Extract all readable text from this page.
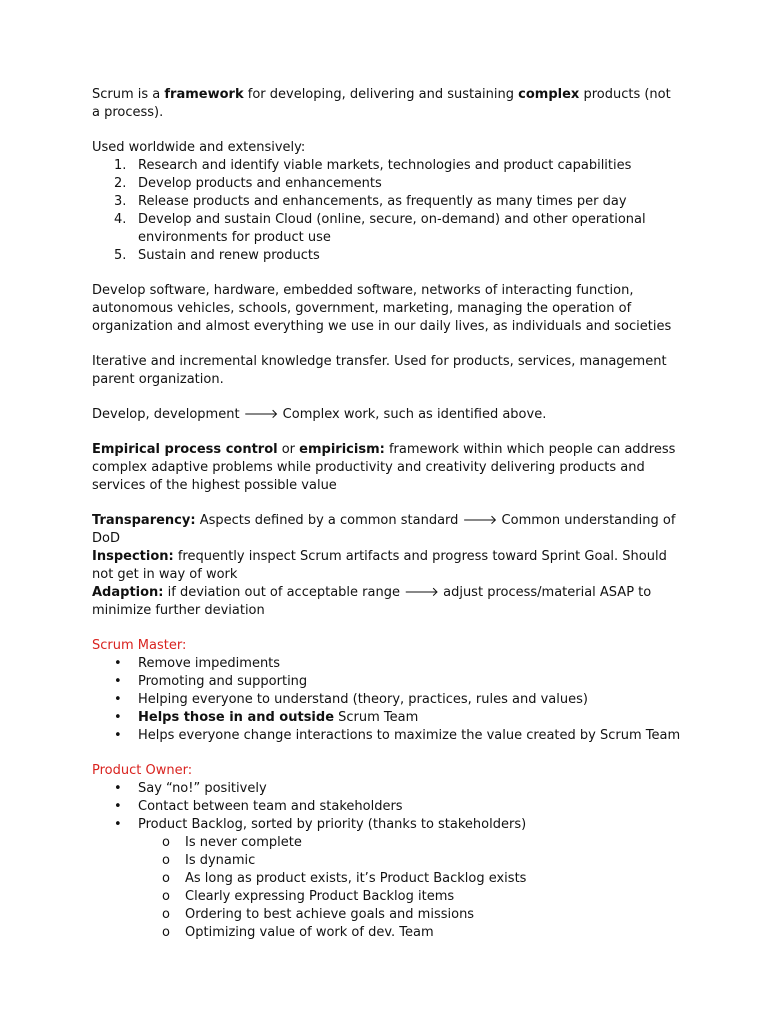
Scrum is a framework for developing, delivering and sustaining complex products (not a process).

Used worldwide and extensively:

1. Research and identify viable markets, technologies and product capabilities
2. Develop products and enhancements
3. Release products and enhancements, as frequently as many times per day
4. Develop and sustain Cloud (online, secure, on-demand) and other operational environments for product use
5. Sustain and renew products

Develop software, hardware, embedded software, networks of interacting function, autonomous vehicles, schools, government, marketing, managing the operation of organization and almost everything we use in our daily lives, as individuals and societies

Iterative and incremental knowledge transfer. Used for products, services, management parent organization.

Develop, development 🡒 Complex work, such as identified above.

Empirical process control or empiricism: framework within which people can address complex adaptive problems while productivity and creativity delivering products and services of the highest possible value

Transparency: Aspects defined by a common standard 🡒 Common understanding of DoD

Inspection: frequently inspect Scrum artifacts and progress toward Sprint Goal. Should not get in way of work

Adaption: if deviation out of acceptable range 🡒 adjust process/material ASAP to minimize further deviation

Scrum Master:

• Remove impediments
• Promoting and supporting
• Helping everyone to understand (theory, practices, rules and values)
• Helps those in and outside Scrum Team
• Helps everyone change interactions to maximize the value created by Scrum Team

Product Owner:

• Say “no!” positively
• Contact between team and stakeholders
• Product Backlog, sorted by priority (thanks to stakeholders)
o Is never complete
o Is dynamic
o As long as product exists, it’s Product Backlog exists
o Clearly expressing Product Backlog items
o Ordering to best achieve goals and missions
o Optimizing value of work of dev. Team
